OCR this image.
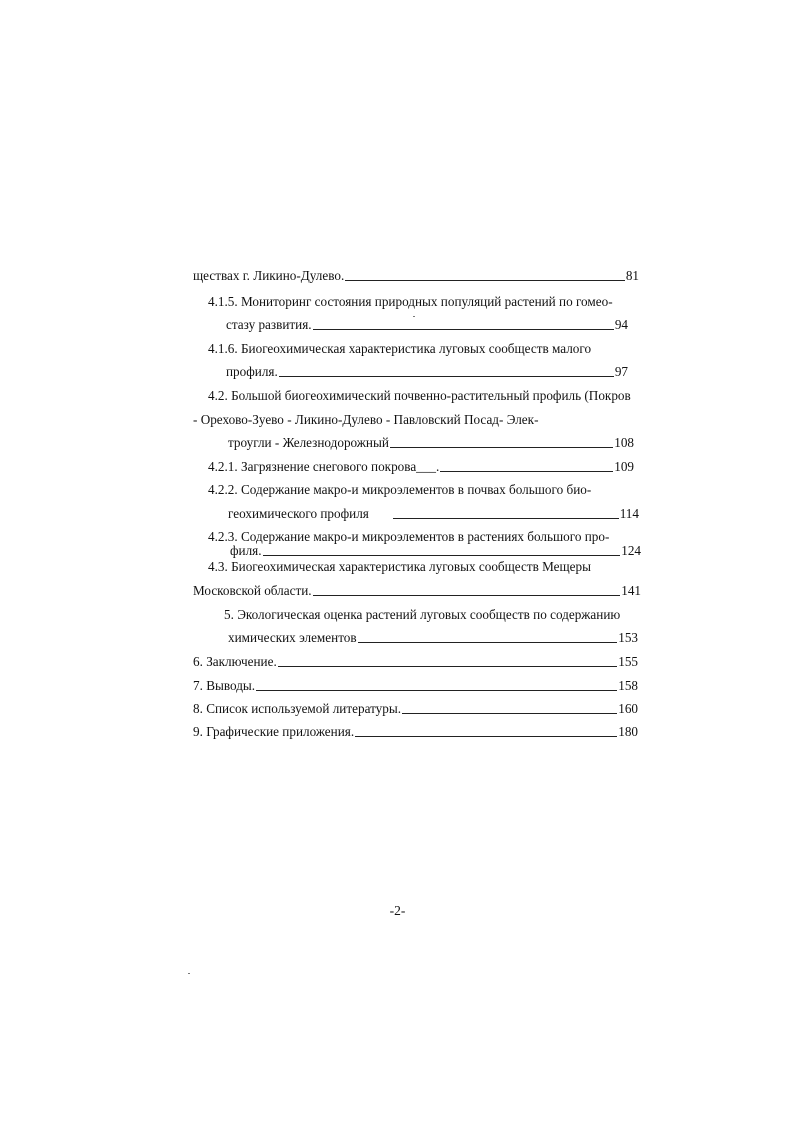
ществах г. Ликино-Дулево.	81
4.1.5. Мониторинг состояния природных популяций растений по гомео-
стазу развития.	94
4.1.6. Биогеохимическая характеристика луговых сообществ малого
профиля.	97
4.2. Большой биогеохимический почвенно-растительный профиль (Покров
- Орехово-Зуево - Ликино-Дулево - Павловский Посад- Элек-
троугли - Железнодорожный	108
4.2.1. Загрязнение снегового покрова___.	109
4.2.2. Содержание макро-и микроэлементов в почвах большого био-
геохимического профиля	114
4.2.3. Содержание макро-и микроэлементов в растениях большого про-
филя.	124
4.3. Биогеохимическая характеристика луговых сообществ Мещеры
Московской области.	141
5. Экологическая оценка растений луговых сообществ по содержанию
химических элементов	153
6. Заключение.	155
7. Выводы.	158
8. Список используемой литературы.	160
9. Графические приложения.	180
-2-
